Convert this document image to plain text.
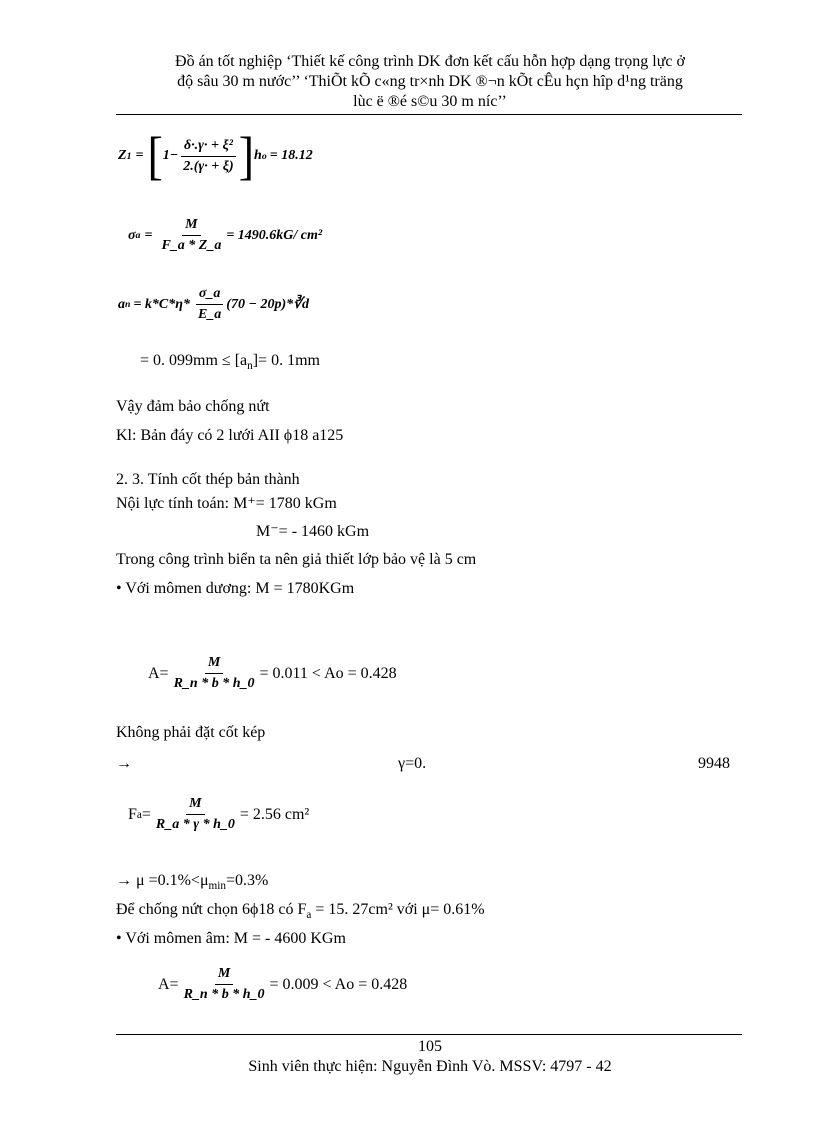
Đồ án tốt nghiệp ‘Thiết kế công trình DK đơn kết cấu hỗn hợp dạng trọng lực ở
độ sâu 30 m nước’’ ‘ThiÕt kÕ c«ng tr×nh DK ®¬n kÕt cÊu hçn hîp d¹ng träng
lùc ë ®é s©u 30 m níc’’
Z 1 = [ $1- \frac{\text{δ·.γ· + ξ²}}{2.(\gamma\cdot + \xi)}$ ] h o = 18.12
σ $a = \frac{M}{F\_a * Z\_a} = 1490.6kG/$ cm²
a $n = k*C*\eta* \frac{\sigma\_a}{E\_a} (70$ − 20p)*∛d
= 0. $099mm \le [a_n]= 0$. 1mm
Vậy đảm bảo chống nứt
Kl: Bản đáy có 2 lưới AII ϕ18 a125
2. 3. Tính cốt thép bản thành
Nội lực tính toán: M⁺= 1780 kGm
M⁻= - 1460 kGm
Trong công trình biển ta nên giả thiết lớp bảo vệ là 5 cm
• Với mômen dương: M = 1780KGm
$A= \frac{M}{R\_n * b * h\_0} = 0.011 < Ao = 0.428$
Không phải đặt cốt kép
→	γ=0.	9948
F $a = \frac{M}{R\_a * \gamma * h\_0} = 2.56$ cm²
→ $\mu =0.1\%<\mu_{min}=0.3\%$
Để chống nứt chọn 6ϕ18 có $F_a = 15$. 27cm² với μ= 0.61%
• Với mômen âm: M = - 4600 KGm
$A= \frac{M}{R\_n * b * h\_0} = 0.009 < Ao = 0.428$
105
Sinh viên thực hiện: Nguyễn Đình Vò. MSSV: 4797 - 42
